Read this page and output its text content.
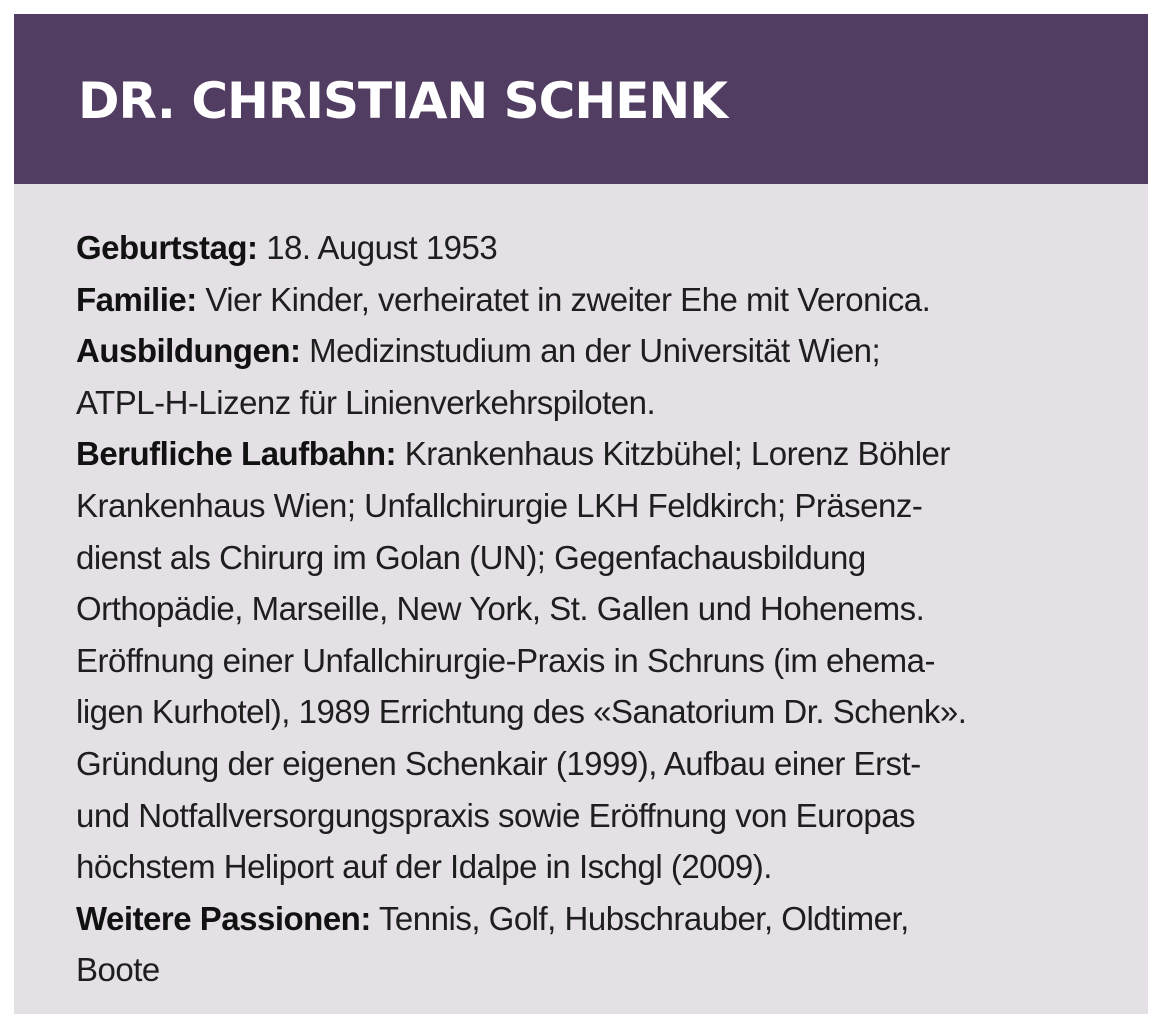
DR. CHRISTIAN SCHENK
Geburtstag: 18. August 1953
Familie: Vier Kinder, verheiratet in zweiter Ehe mit Veronica.
Ausbildungen: Medizinstudium an der Universität Wien;
ATPL-H-Lizenz für Linienverkehrspiloten.
Berufliche Laufbahn: Krankenhaus Kitzbühel; Lorenz Böhler
Krankenhaus Wien; Unfallchirurgie LKH Feldkirch; Präsenz-
dienst als Chirurg im Golan (UN); Gegenfachausbildung
Orthopädie, Marseille, New York, St. Gallen und Hohenems.
Eröffnung einer Unfallchirurgie-Praxis in Schruns (im ehema-
ligen Kurhotel), 1989 Errichtung des «Sanatorium Dr. Schenk».
Gründung der eigenen Schenkair (1999), Aufbau einer Erst-
und Notfallversorgungspraxis sowie Eröffnung von Europas
höchstem Heliport auf der Idalpe in Ischgl (2009).
Weitere Passionen: Tennis, Golf, Hubschrauber, Oldtimer,
Boote
